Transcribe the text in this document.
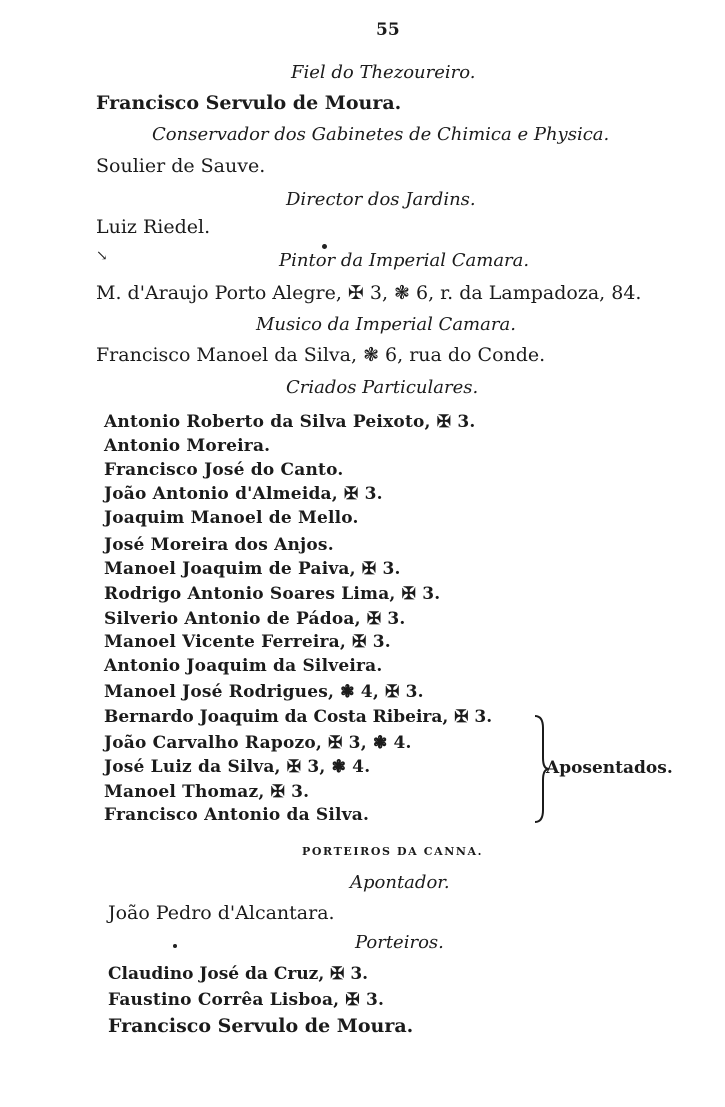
55
Fiel do Thezoureiro.
Francisco Servulo de Moura.
Conservador dos Gabinetes de Chimica e Physica.
Soulier de Sauve.
Director dos Jardins.
Luiz Riedel.
↘	Pintor da Imperial Camara.
M. d'Araujo Porto Alegre, ✠ 3, ❃ 6, r. da Lampadoza, 84.
Musico da Imperial Camara.
Francisco Manoel da Silva, ❃ 6, rua do Conde.
Criados Particulares.
Antonio Roberto da Silva Peixoto, ✠ 3.
Antonio Moreira.
Francisco José do Canto.
João Antonio d'Almeida, ✠ 3.
Joaquim Manoel de Mello.
José Moreira dos Anjos.
Manoel Joaquim de Paiva, ✠ 3.
Rodrigo Antonio Soares Lima, ✠ 3.
Silverio Antonio de Pádoa, ✠ 3.
Manoel Vicente Ferreira, ✠ 3.
Antonio Joaquim da Silveira.
Manoel José Rodrigues, ❃ 4, ✠ 3.
Bernardo Joaquim da Costa Ribeira, ✠ 3.
João Carvalho Rapozo, ✠ 3, ❃ 4.
José Luiz da Silva, ✠ 3, ❃ 4.
Manoel Thomaz, ✠ 3.
Francisco Antonio da Silva.
Aposentados.
PORTEIROS DA CANNA.
Apontador.
João Pedro d'Alcantara.
Porteiros.
Claudino José da Cruz, ✠ 3.
Faustino Corrêa Lisboa, ✠ 3.
Francisco Servulo de Moura.
